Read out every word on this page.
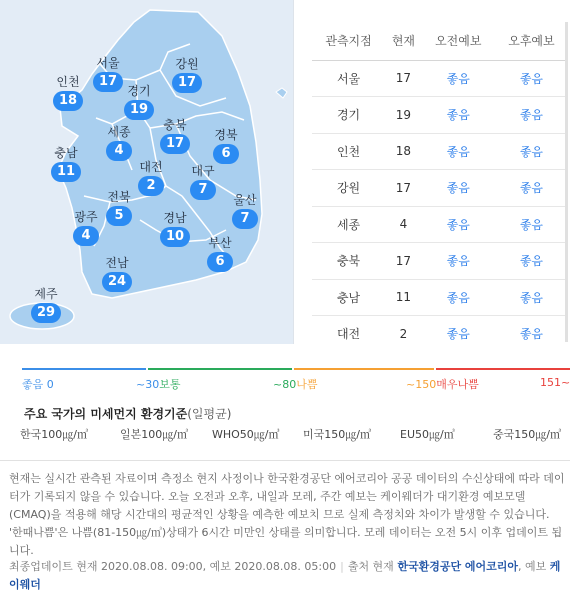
서울
17
강원
17
인천
18
경기
19
세종
4
충북
17
경북
6
충남
11	대전
2
대구
7
전북
5
울산
7
광주
4
경남
10	부산
6
전남
24
제주
29
관측지점	현재	오전예보	오후예보
서울	17	좋음	좋음
경기	19	좋음	좋음
인천	18	좋음	좋음
강원	17	좋음	좋음
세종	4	좋음	좋음
충북	17	좋음	좋음
충남	11	좋음	좋음
대전	2	좋음	좋음
좋음 0	~30보통	~80나쁨	~150매우나쁨	151~
주요 국가의 미세먼지 환경기준(일평균)
한국100㎍/㎥	일본100㎍/㎥ WHO50㎍/㎥ 미국150㎍/㎥	EU50㎍/㎥	중국150㎍/㎥

현재는 실시간 관측된 자료이며 측정소 현지 사정이나 한국환경공단 에어코리아 공공 데이터의 수신상태에 따라 데이터가 기록되지 않을 수 있습니다. 오늘 오전과 오후, 내일과 모레, 주간 예보는 케이웨더가 대기환경 예보모델(CMAQ)을 적용해 해당 시간대의 평균적인 상황을 예측한 예보치 므로 실제 측정치와 차이가 발생할 수 있습니다. '한때나쁨'은 나쁨(81-150㎍/㎥)상태가 6시간 미만인 상태를 의미합니다. 모레 데이터는 오전 5시 이후 업데이트 됩니다.

최종업데이트 현재 2020.08.08. 09:00, 예보 2020.08.08. 05:00 | 출처 현재 한국환경공단 에어코리아, 예보 케이웨더
